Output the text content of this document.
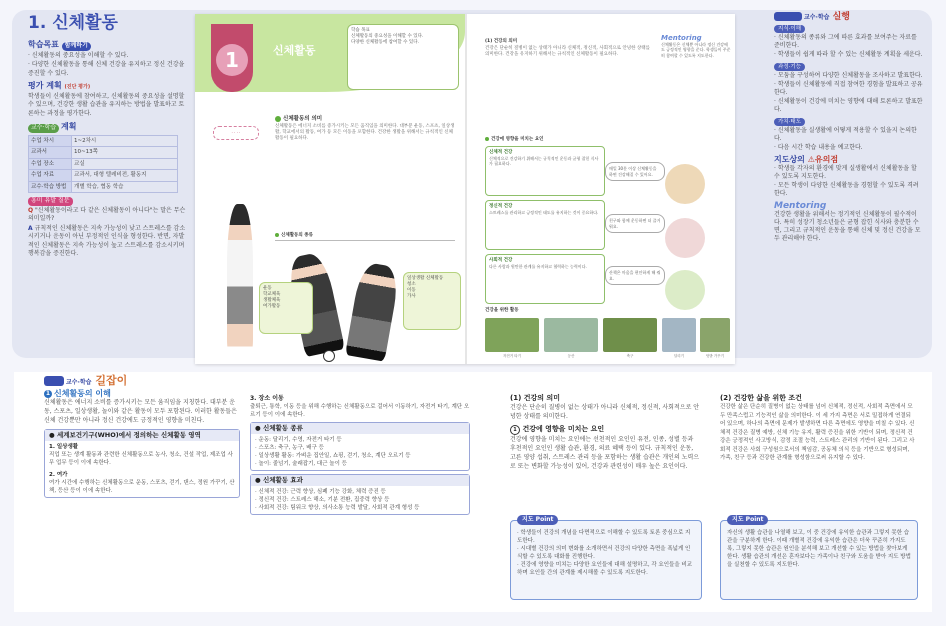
1. 신체활동
학습목표 함께하기

· 신체활동의 중요성을 이해할 수 있다.

· 다양한 신체활동을 통해 신체 건강을 유지하고 정신 건강을 증진할 수 있다.

평가 계획 (진단 평가)

학생들이 신체활동에 참여하고, 신체활동의 중요성을 설명할 수 있으며, 건강한 생활 습관을 유지하는 방법을 발표하고 토론하는 과정을 평가한다.

교수·학습 계획
수업 차시	1~2차시
교과서	10~13쪽
수업 장소	교실
수업 자료	교과서, 대형 텔레비전, 활동지
교수·학습 방법	개별 학습, 협동 학습
흥미 유발 질문

Q "신체활동이라고 다 같은 신체활동이 아니다"는 말은 무슨 의미일까?

A 규칙적인 신체활동은 지속 가능성이 낮고 스트레스를 감소시키거나 운동이 아닌 부정적인 인식을 형성한다. 반면, 자발적인 신체활동은 지속 가능성이 높고 스트레스를 감소시키며 행복감을 증진한다.

1	신체활동
학습 목표
신체활동의 중요성을 이해할 수 있다.
다양한 신체활동에 참여할 수 있다.
· · · ·
신체활동의 의미
신체활동은 에너지 소비를 증가시키는 모든 움직임을 의미한다. 대부분 운동, 스포츠, 일상생활, 학교에서의 활동, 여가 등 모든 이동을 포함한다. 건강한 생활을 위해서는 규칙적인 신체활동이 필요하다.
신체활동의 종류
운동
학교체육
생활체육
여가활동
일상생활 신체활동
청소
이동
가사
(1) 건강의 의미
건강은 단순히 질병이 없는 상태가 아니라 신체적, 정신적, 사회적으로 안녕한 상태를 의미한다. 건강을 유지하기 위해서는 규칙적인 신체활동이 필요하다.
건강에 영향을 미치는 요인
신체적 건강
신체적으로 건강하기 위해서는 규칙적인 운동과 균형 잡힌 식사가 필요하다.
정신적 건강
스트레스를 관리하고 긍정적인 태도를 유지하는 것이 중요하다.
사회적 건강
다른 사람과 원만한 관계를 유지하고 협력하는 능력이다.
매일 30분 이상 신체활동을 하면 건강해질 수 있어요.
친구와 함께 운동하면 더 즐거워요.
산책은 마음을 편안하게 해 줘요.
건강을 위한 활동
자전거 타기	등산	축구	달리기	텃밭 가꾸기
Mentoring
신체활동은 신체뿐 아니라 정신 건강에도 긍정적인 영향을 준다. 학생들이 꾸준히 참여할 수 있도록 지도한다.
교수·학습 실행
지식·이해

· 신체활동의 종류와 그에 따른 효과를 보여주는 자료를 준비한다.

· 학생들이 쉽게 따라 할 수 있는 신체활동 계획을 세운다.

과정·기능

· 모둠을 구성하여 다양한 신체활동을 조사하고 발표한다.

· 학생들이 신체활동에 직접 참여한 경험을 발표하고 공유한다.

· 신체활동이 건강에 미치는 영향에 대해 토론하고 발표한다.

가치·태도

· 신체활동을 실생활에 어떻게 적용할 수 있을지 논의한다.

· 다음 시간 학습 내용을 예고한다.

지도상의 ⚠유의점

· 학생들 각자의 환경에 맞게 실생활에서 신체활동을 할 수 있도록 지도한다.

· 모든 학생이 다양한 신체활동을 경험할 수 있도록 격려한다.

Mentoring

건강한 생활을 위해서는 정기적인 신체활동이 필수적이다. 특히 성장기 청소년들은 균형 잡힌 식사와 충분한 수면, 그리고 규칙적인 운동을 통해 신체 및 정신 건강을 모두 관리해야 한다.

교수·학습 길잡이
1 신체활동의 이해
신체활동은 에너지 소비를 증가시키는 모든 움직임을 지칭한다. 대부분 운동, 스포츠, 일상생활, 놀이와 같은 활동이 모두 포함된다. 이러한 활동들은 신체 건강뿐만 아니라 정신 건강에도 긍정적인 영향을 미친다.
● 세계보건기구(WHO)에서 정의하는 신체활동 영역
1. 일상생활
직업 또는 생계 활동과 관련한 신체활동으로 농사, 청소, 건설 작업, 제조업 사무 업무 등이 이에 속한다.
2. 여가
여가 시간에 수행하는 신체활동으로 운동, 스포츠, 걷기, 댄스, 정원 가꾸기, 산책, 등산 등이 이에 속한다.
3. 장소 이동
출퇴근, 통학, 이동 등을 위해 수행하는 신체활동으로 걸어서 이동하기, 자전거 타기, 계단 오르기 등이 이에 속한다.
● 신체활동 종류
· 운동: 달리기, 수영, 자전거 타기 등
· 스포츠: 축구, 농구, 배구 등
· 일상생활 활동: 가벼운 집안일, 쇼핑, 걷기, 청소, 계단 오르기 등
· 놀이: 줄넘기, 술래잡기, 대근 놀이 등
● 신체활동 효과
· 신체적 건강: 근력 향상, 심폐 기능 강화, 체력 증진 등
· 정신적 건강: 스트레스 해소, 기분 전환, 집중력 향상 등
· 사회적 건강: 팀워크 향상, 의사소통 능력 발달, 사회적 관계 형성 등
(1) 건강의 의미
건강은 단순히 질병이 없는 상태가 아니라 신체적, 정신적, 사회적으로 안녕한 상태를 의미한다.
1 건강에 영향을 미치는 요인
건강에 영향을 미치는 요인에는 선천적인 요인인 유전, 인종, 성별 등과 후천적인 요인인 생활 습관, 환경, 의료 혜택 등이 있다. 규칙적인 운동, 고른 영양 섭취, 스트레스 관리 등을 포함하는 생활 습관은 개인의 노력으로 또는 변화할 가능성이 있어, 건강과 관련성이 매우 높은 요인이다.
지도 Point
· 학생들이 건강의 개념을 다면적으로 이해할 수 있도록 토론 중심으로 지도한다.
· 시대별 건강의 의미 변화를 소개하면서 건강의 다양한 측면을 폭넓게 인식할 수 있도록 대화를 진행한다.
· 건강에 영향을 미치는 다양한 요인들에 대해 설명하고, 각 요인들을 비교하며 요인들 간의 관계를 제시해볼 수 있도록 지도한다.
(2) 건강한 삶을 위한 조건
건강한 삶은 단순히 질병이 없는 상태를 넘어 신체적, 정신적, 사회적 측면에서 모두 만족스럽고 기능적인 삶을 의미한다. 이 세 가지 측면은 서로 밀접하게 연결되어 있으며, 하나의 측면에 문제가 발생하면 다른 측면에도 영향을 미칠 수 있다. 신체적 건강은 질병 예방, 신체 기능 유지, 활력 증진을 위한 기반이 되며, 정신적 건강은 긍정적인 사고방식, 감정 조절 능력, 스트레스 관리의 기반이 된다. 그리고 사회적 건강은 사회 구성원으로서의 책임감, 공동체 의식 등을 기반으로 형성되며, 가족, 친구 등과 건강한 관계를 형성함으로써 유지할 수 있다.
지도 Point
자신의 생활 습관을 나열해 보고, 이 중 건강에 유익한 습관과 그렇지 못한 습관을 구분하게 한다. 이때 개별적 건강에 유익한 습관은 더욱 꾸준히 가지도록, 그렇지 못한 습관은 원인을 분석해 보고 개선할 수 있는 방법을 찾아보게 한다. 생활 습관의 개선은 혼자보다는 가족이나 친구와 도움을 받아 지도 방법을 실천할 수 있도록 지도한다.
